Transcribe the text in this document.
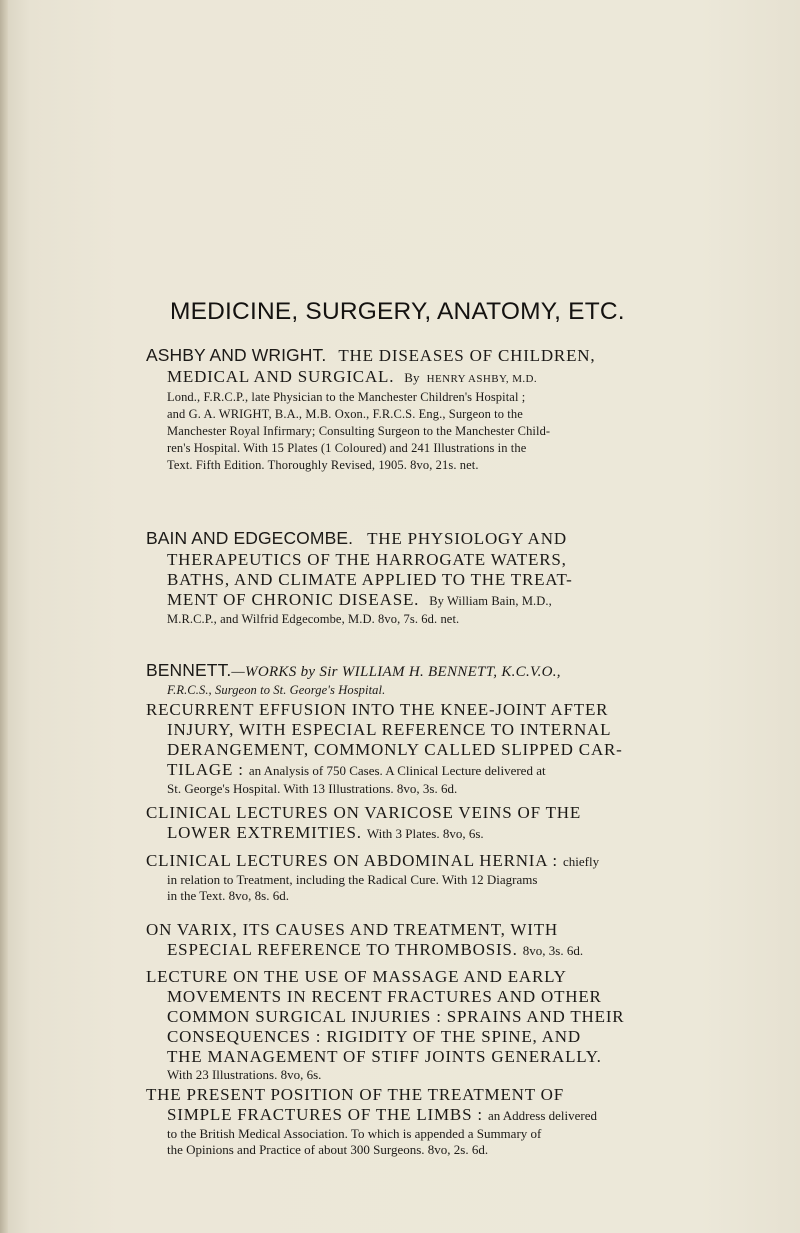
MEDICINE, SURGERY, ANATOMY, ETC.
ASHBY AND WRIGHT. THE DISEASES OF CHILDREN,
MEDICAL AND SURGICAL. By HENRY ASHBY, M.D.
Lond., F.R.C.P., late Physician to the Manchester Children's Hospital ;
and G. A. WRIGHT, B.A., M.B. Oxon., F.R.C.S. Eng., Surgeon to the
Manchester Royal Infirmary; Consulting Surgeon to the Manchester Child-
ren's Hospital. With 15 Plates (1 Coloured) and 241 Illustrations in the
Text. Fifth Edition. Thoroughly Revised, 1905. 8vo, 21s. net.
BAIN AND EDGECOMBE. THE PHYSIOLOGY AND
THERAPEUTICS OF THE HARROGATE WATERS,
BATHS, AND CLIMATE APPLIED TO THE TREAT-
MENT OF CHRONIC DISEASE. By William Bain, M.D.,
M.R.C.P., and Wilfrid Edgecombe, M.D. 8vo, 7s. 6d. net.
BENNETT.—WORKS by Sir WILLIAM H. BENNETT, K.C.V.O.,
F.R.C.S., Surgeon to St. George's Hospital.
RECURRENT EFFUSION INTO THE KNEE-JOINT AFTER
INJURY, WITH ESPECIAL REFERENCE TO INTERNAL
DERANGEMENT, COMMONLY CALLED SLIPPED CAR-
TILAGE : an Analysis of 750 Cases. A Clinical Lecture delivered at
St. George's Hospital. With 13 Illustrations. 8vo, 3s. 6d.
CLINICAL LECTURES ON VARICOSE VEINS OF THE
LOWER EXTREMITIES. With 3 Plates. 8vo, 6s.
CLINICAL LECTURES ON ABDOMINAL HERNIA : chiefly
in relation to Treatment, including the Radical Cure. With 12 Diagrams
in the Text. 8vo, 8s. 6d.
ON VARIX, ITS CAUSES AND TREATMENT, WITH
ESPECIAL REFERENCE TO THROMBOSIS. 8vo, 3s. 6d.
LECTURE ON THE USE OF MASSAGE AND EARLY
MOVEMENTS IN RECENT FRACTURES AND OTHER
COMMON SURGICAL INJURIES : SPRAINS AND THEIR
CONSEQUENCES : RIGIDITY OF THE SPINE, AND
THE MANAGEMENT OF STIFF JOINTS GENERALLY.
With 23 Illustrations. 8vo, 6s.
THE PRESENT POSITION OF THE TREATMENT OF
SIMPLE FRACTURES OF THE LIMBS : an Address delivered
to the British Medical Association. To which is appended a Summary of
the Opinions and Practice of about 300 Surgeons. 8vo, 2s. 6d.
